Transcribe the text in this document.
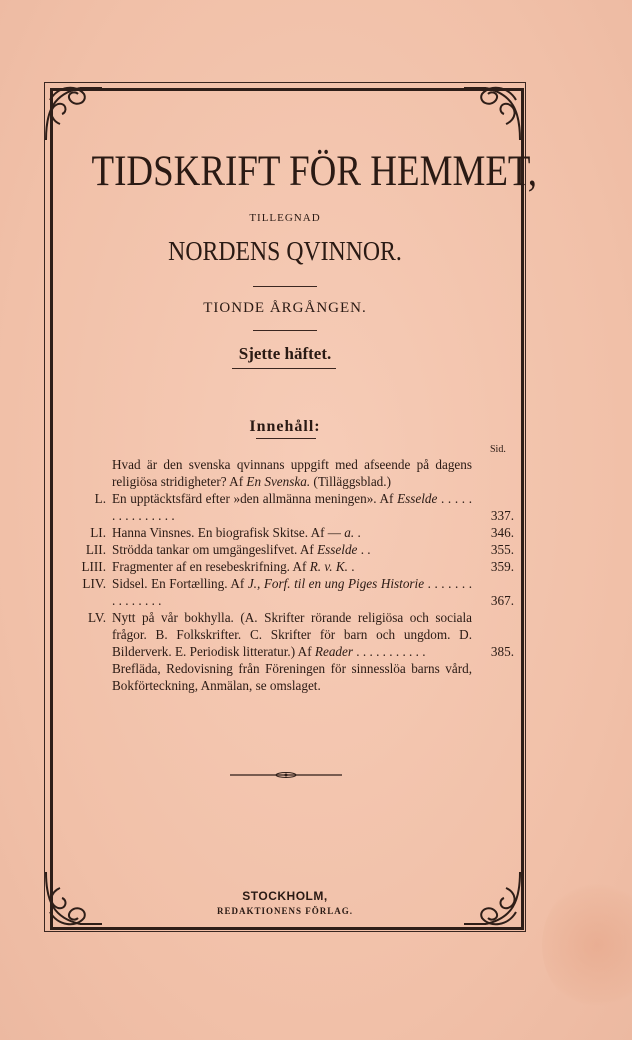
TIDSKRIFT FÖR HEMMET,
TILLEGNAD
NORDENS QVINNOR.
TIONDE ÅRGÅNGEN.
Sjette häftet.
Innehåll:
Sid.
Hvad är den svenska qvinnans uppgift med afseende på dagens religiösa stridigheter? Af En Svenska. (Tilläggsblad.)
L. En upptäcktsfärd efter »den allmänna meningen». Af Esselde . . . . . . . . . . . . . . .	337.
LI. Hanna Vinsnes. En biografisk Skitse. Af — a. .	346.
LII. Strödda tankar om umgängeslifvet. Af Esselde . .	355.
LIII. Fragmenter af en resebeskrifning. Af R. v. K. .	359.
LIV. Sidsel. En Fortælling. Af J., Forf. til en ung Piges Historie . . . . . . . . . . . . . . .	367.
LV. Nytt på vår bokhylla. (A. Skrifter rörande religiösa och sociala frågor. B. Folkskrifter. C. Skrifter för barn och ungdom. D. Bilderverk. E. Periodisk litteratur.) Af Reader . . . . . . . . . . .	385.
Brefläda, Redovisning från Föreningen för sinnesslöa barns vård, Bokförteckning, Anmälan, se omslaget.
STOCKHOLM,
REDAKTIONENS FÖRLAG.
